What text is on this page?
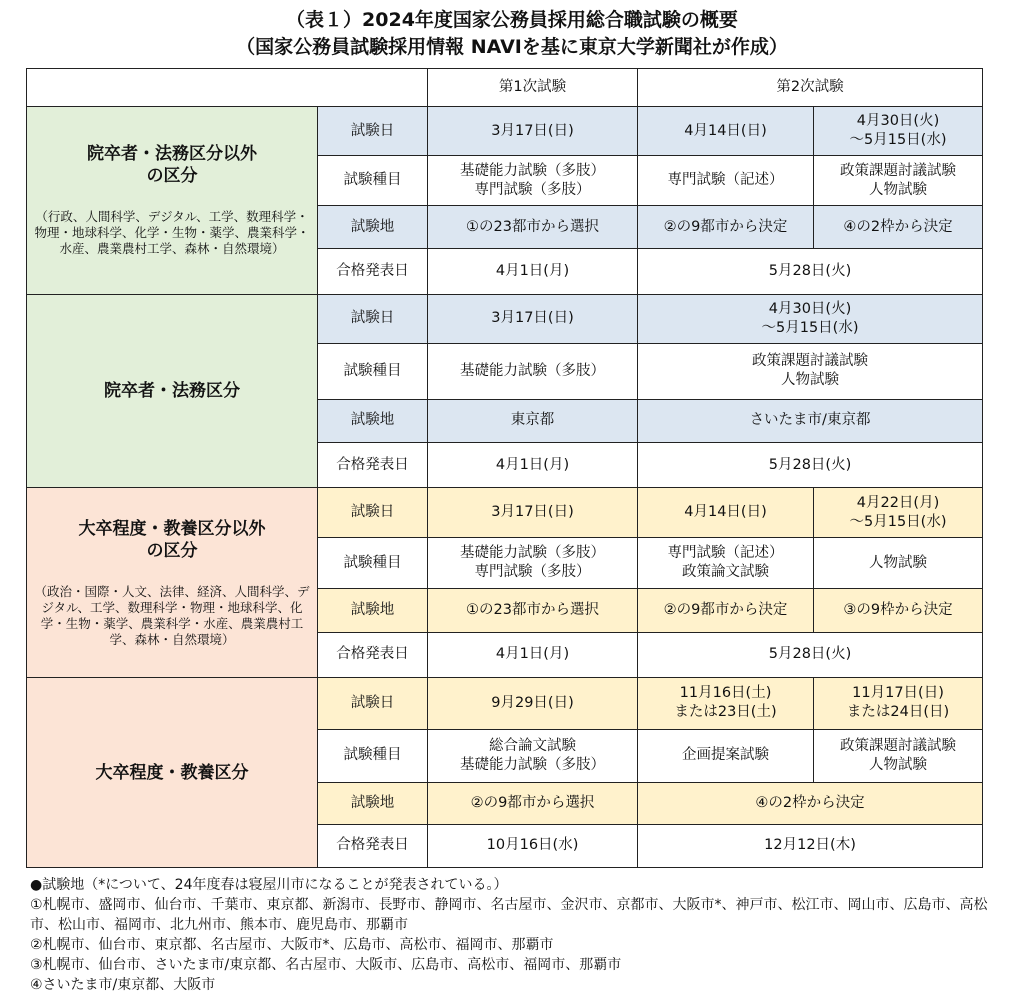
（表１）2024年度国家公務員採用総合職試験の概要

（国家公務員試験採用情報 NAVIを基に東京大学新聞社が作成）

		第1次試験	第2次試験	

院卒者・法務区分以外
の区分

（行政、人間科学、デジタル、工学、数理科学・物理・地球科学、化学・生物・薬学、農業科学・水産、農業農村工学、森林・自然環境）	試験日	3月17日(日)	4月14日(日)	4月30日(火)
～5月15日(水)
	試験種目	基礎能力試験（多肢）
専門試験（多肢）	専門試験（記述）	政策課題討議試験
人物試験
	試験地	①の23都市から選択	②の9都市から決定	④の2枠から決定
	合格発表日	4月1日(月)	5月28日(火)	

院卒者・法務区分	試験日	3月17日(日)	4月30日(火)
～5月15日(水)	
	試験種目	基礎能力試験（多肢）	政策課題討議試験
人物試験	
	試験地	東京都	さいたま市/東京都	
	合格発表日	4月1日(月)	5月28日(火)	

大卒程度・教養区分以外
の区分

（政治・国際・人文、法律、経済、人間科学、デジタル、工学、数理科学・物理・地球科学、化学・生物・薬学、農業科学・水産、農業農村工学、森林・自然環境）	試験日	3月17日(日)	4月14日(日)	4月22日(月)
～5月15日(水)
	試験種目	基礎能力試験（多肢）
専門試験（多肢）	専門試験（記述）
政策論文試験	人物試験
	試験地	①の23都市から選択	②の9都市から決定	③の9枠から決定
	合格発表日	4月1日(月)	5月28日(火)	

大卒程度・教養区分	試験日	9月29日(日)	11月16日(土)
または23日(土)	11月17日(日)
または24日(日)
	試験種目	総合論文試験
基礎能力試験（多肢）	企画提案試験	政策課題討議試験
人物試験
	試験地	②の9都市から選択	④の2枠から決定	
	合格発表日	10月16日(水)	12月12日(木)	

●試験地（*について、24年度春は寝屋川市になることが発表されている。）

①札幌市、盛岡市、仙台市、千葉市、東京都、新潟市、長野市、静岡市、名古屋市、金沢市、京都市、大阪市*、神戸市、松江市、岡山市、広島市、高松市、松山市、福岡市、北九州市、熊本市、鹿児島市、那覇市

②札幌市、仙台市、東京都、名古屋市、大阪市*、広島市、高松市、福岡市、那覇市

③札幌市、仙台市、さいたま市/東京都、名古屋市、大阪市、広島市、高松市、福岡市、那覇市

④さいたま市/東京都、大阪市
